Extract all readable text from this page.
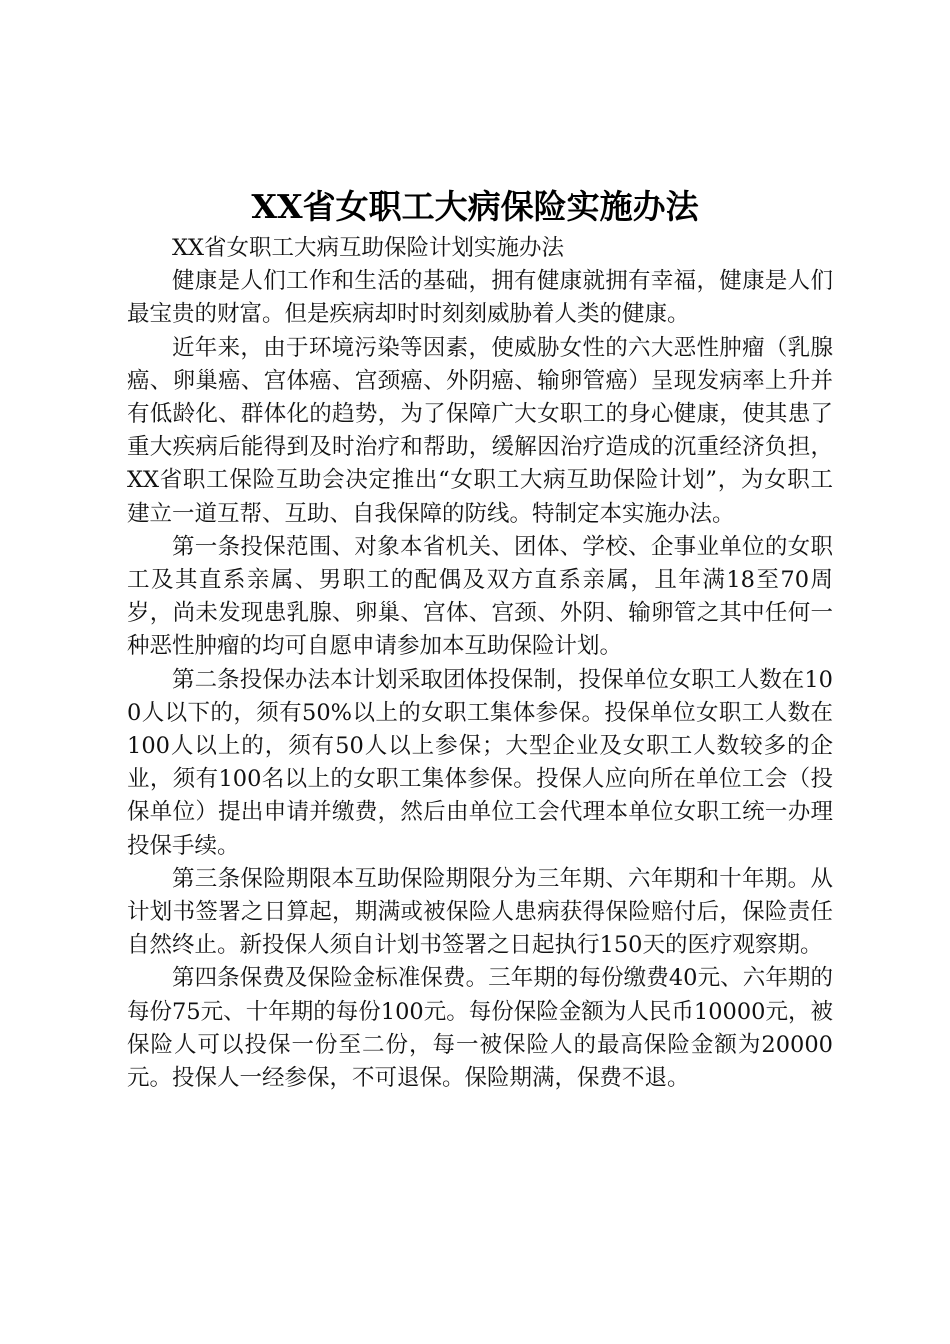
XX省女职工大病保险实施办法

XX省女职工大病互助保险计划实施办法

健康是人们工作和生活的基础，拥有健康就拥有幸福，健康是人们最宝贵的财富。但是疾病却时时刻刻威胁着人类的健康。

近年来，由于环境污染等因素，使威胁女性的六大恶性肿瘤（乳腺癌、卵巢癌、宫体癌、宫颈癌、外阴癌、输卵管癌）呈现发病率上升并有低龄化、群体化的趋势，为了保障广大女职工的身心健康，使其患了重大疾病后能得到及时治疗和帮助，缓解因治疗造成的沉重经济负担，XX省职工保险互助会决定推出“女职工大病互助保险计划”，为女职工建立一道互帮、互助、自我保障的防线。特制定本实施办法。

第一条投保范围、对象本省机关、团体、学校、企事业单位的女职工及其直系亲属、男职工的配偶及双方直系亲属，且年满18至70周岁，尚未发现患乳腺、卵巢、宫体、宫颈、外阴、输卵管之其中任何一种恶性肿瘤的均可自愿申请参加本互助保险计划。

第二条投保办法本计划采取团体投保制，投保单位女职工人数在100人以下的，须有50%以上的女职工集体参保。投保单位女职工人数在100人以上的，须有50人以上参保；大型企业及女职工人数较多的企业，须有100名以上的女职工集体参保。投保人应向所在单位工会（投保单位）提出申请并缴费，然后由单位工会代理本单位女职工统一办理投保手续。

第三条保险期限本互助保险期限分为三年期、六年期和十年期。从计划书签署之日算起，期满或被保险人患病获得保险赔付后，保险责任自然终止。新投保人须自计划书签署之日起执行150天的医疗观察期。

第四条保费及保险金标准保费。三年期的每份缴费40元、六年期的每份75元、十年期的每份100元。每份保险金额为人民币10000元，被保险人可以投保一份至二份，每一被保险人的最高保险金额为20000元。投保人一经参保，不可退保。保险期满，保费不退。
